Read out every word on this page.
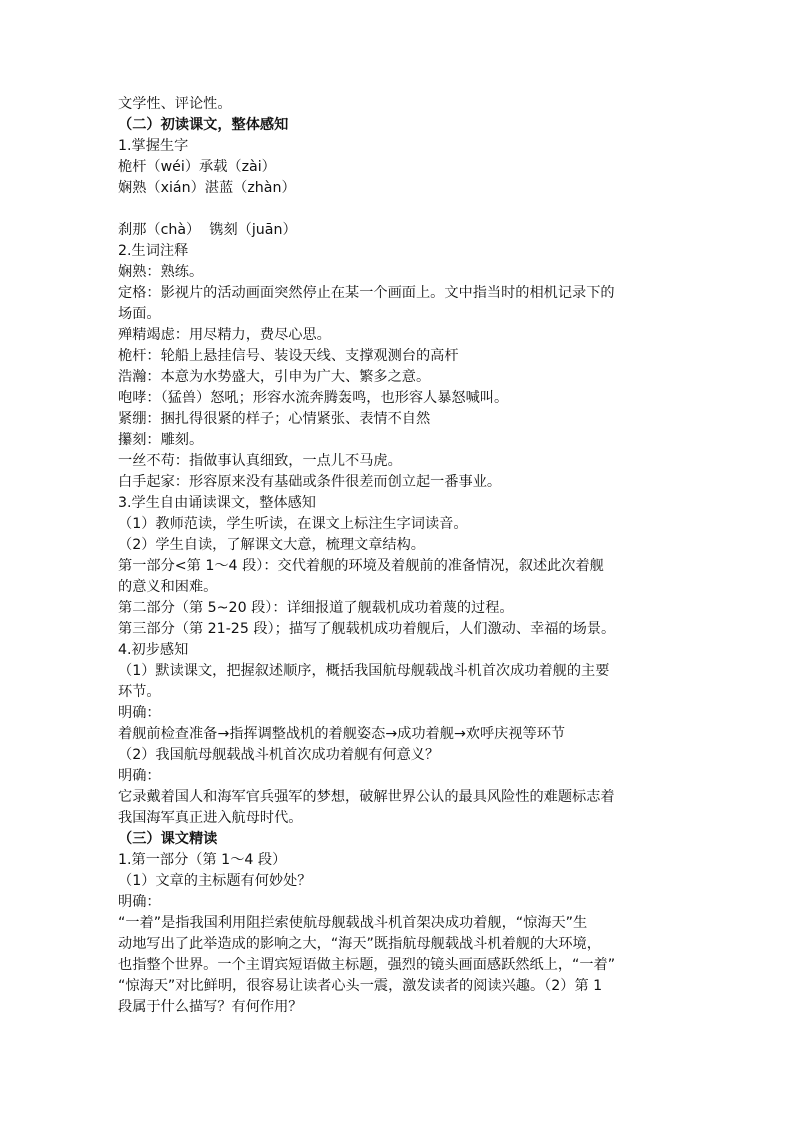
文学性、评论性。
（二）初读课文，整体感知
1.掌握生字
桅杆（wéi）承载（zài）
娴熟（xián）湛蓝（zhàn）
刹那（chà）  镌刻（juān）
2.生词注释
娴熟：熟练。
定格：影视片的活动画面突然停止在某一个画面上。文中指当时的相机记录下的
场面。
殚精竭虑：用尽精力，费尽心思。
桅杆：轮船上悬挂信号、装设天线、支撑观测台的高杆
浩瀚：本意为水势盛大，引申为广大、繁多之意。
咆哮：（猛兽）怒吼；形容水流奔腾轰鸣，也形容人暴怒喊叫。
紧绷：捆扎得很紧的样子；心情紧张、表情不自然
攥刻：雕刻。
一丝不苟：指做事认真细致，一点儿不马虎。
白手起家：形容原来没有基础或条件很差而创立起一番事业。
3.学生自由诵读课文，整体感知
（1）教师范读，学生听读，在课文上标注生字词读音。
（2）学生自读，了解课文大意，梳理文章结构。
第一部分<第 1～4 段）：交代着舰的环境及着舰前的准备情况，叙述此次着舰
的意义和困难。
第二部分（第 5~20 段）：详细报道了舰载机成功着蔑的过程。
第三部分（第 21-25 段）；描写了舰载机成功着舰后，人们激动、幸福的场景。
4.初步感知
（1）默读课文，把握叙述顺序，概括我国航母舰载战斗机首次成功着舰的主要
环节。
明确：
着舰前检查准备→指挥调整战机的着舰姿态→成功着舰→欢呼庆视等环节
（2）我国航母舰载战斗机首次成功着舰有何意义？
明确：
它录戴着国人和海军官兵强军的梦想，破解世界公认的最具风险性的难题标志着
我国海军真正进入航母时代。
（三）课文精读
1.第一部分（第 1～4 段）
（1）文章的主标题有何妙处？
明确：
“一着”是指我国利用阻拦索使航母舰载战斗机首架决成功着舰，“惊海天”生
动地写出了此举造成的影响之大，“海天”既指航母舰载战斗机着舰的大环境，
也指整个世界。一个主谓宾短语做主标题，强烈的镜头画面感跃然纸上，“一着”
“惊海天”对比鲜明，很容易让读者心头一震，激发读者的阅读兴趣。（2）第 1
段属于什么描写？有何作用？
